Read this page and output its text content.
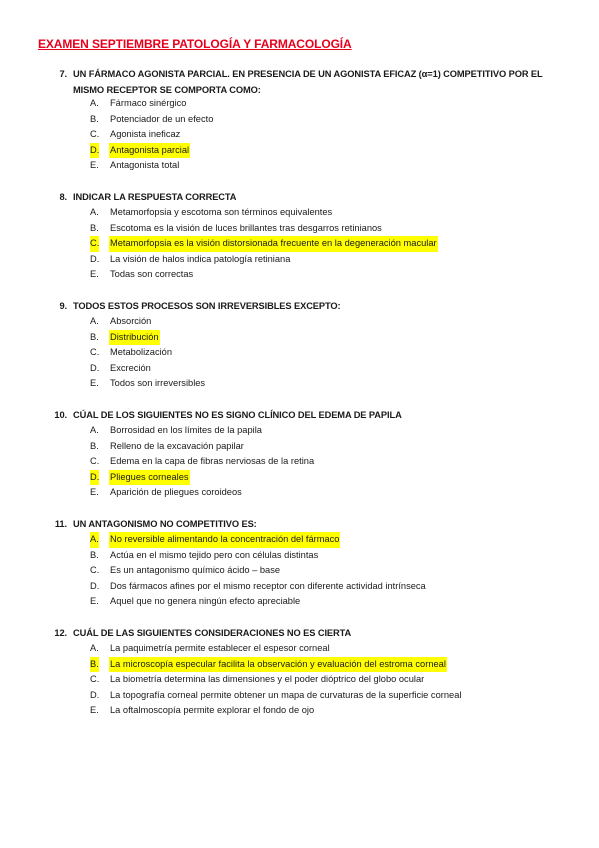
EXAMEN SEPTIEMBRE PATOLOGÍA Y FARMACOLOGÍA
7. UN FÁRMACO AGONISTA PARCIAL. EN PRESENCIA DE UN AGONISTA EFICAZ (α=1) COMPETITIVO POR EL
MISMO RECEPTOR SE COMPORTA COMO:
A. Fármaco sinérgico
B. Potenciador de un efecto
C. Agonista ineficaz
D. Antagonista parcial
E. Antagonista total
8. INDICAR LA RESPUESTA CORRECTA
A. Metamorfopsia y escotoma son términos equivalentes
B. Escotoma es la visión de luces brillantes tras desgarros retinianos
C. Metamorfopsia es la visión distorsionada frecuente en la degeneración macular
D. La visión de halos indica patología retiniana
E. Todas son correctas
9. TODOS ESTOS PROCESOS SON IRREVERSIBLES EXCEPTO:
A. Absorción
B. Distribución
C. Metabolización
D. Excreción
E. Todos son irreversibles
10. CÚAL DE LOS SIGUIENTES NO ES SIGNO CLÍNICO DEL EDEMA DE PAPILA
A. Borrosidad en los límites de la papila
B. Relleno de la excavación papilar
C. Edema en la capa de fibras nerviosas de la retina
D. Pliegues corneales
E. Aparición de pliegues coroideos
11. UN ANTAGONISMO NO COMPETITIVO ES:
A. No reversible alimentando la concentración del fármaco
B. Actúa en el mismo tejido pero con células distintas
C. Es un antagonismo químico ácido – base
D. Dos fármacos afines por el mismo receptor con diferente actividad intrínseca
E. Aquel que no genera ningún efecto apreciable
12. CUÁL DE LAS SIGUIENTES CONSIDERACIONES NO ES CIERTA
A. La paquimetría permite establecer el espesor corneal
B. La microscopía especular facilita la observación y evaluación del estroma corneal
C. La biometría determina las dimensiones y el poder dióptrico del globo ocular
D. La topografía corneal permite obtener un mapa de curvaturas de la superficie corneal
E. La oftalmoscopía permite explorar el fondo de ojo
